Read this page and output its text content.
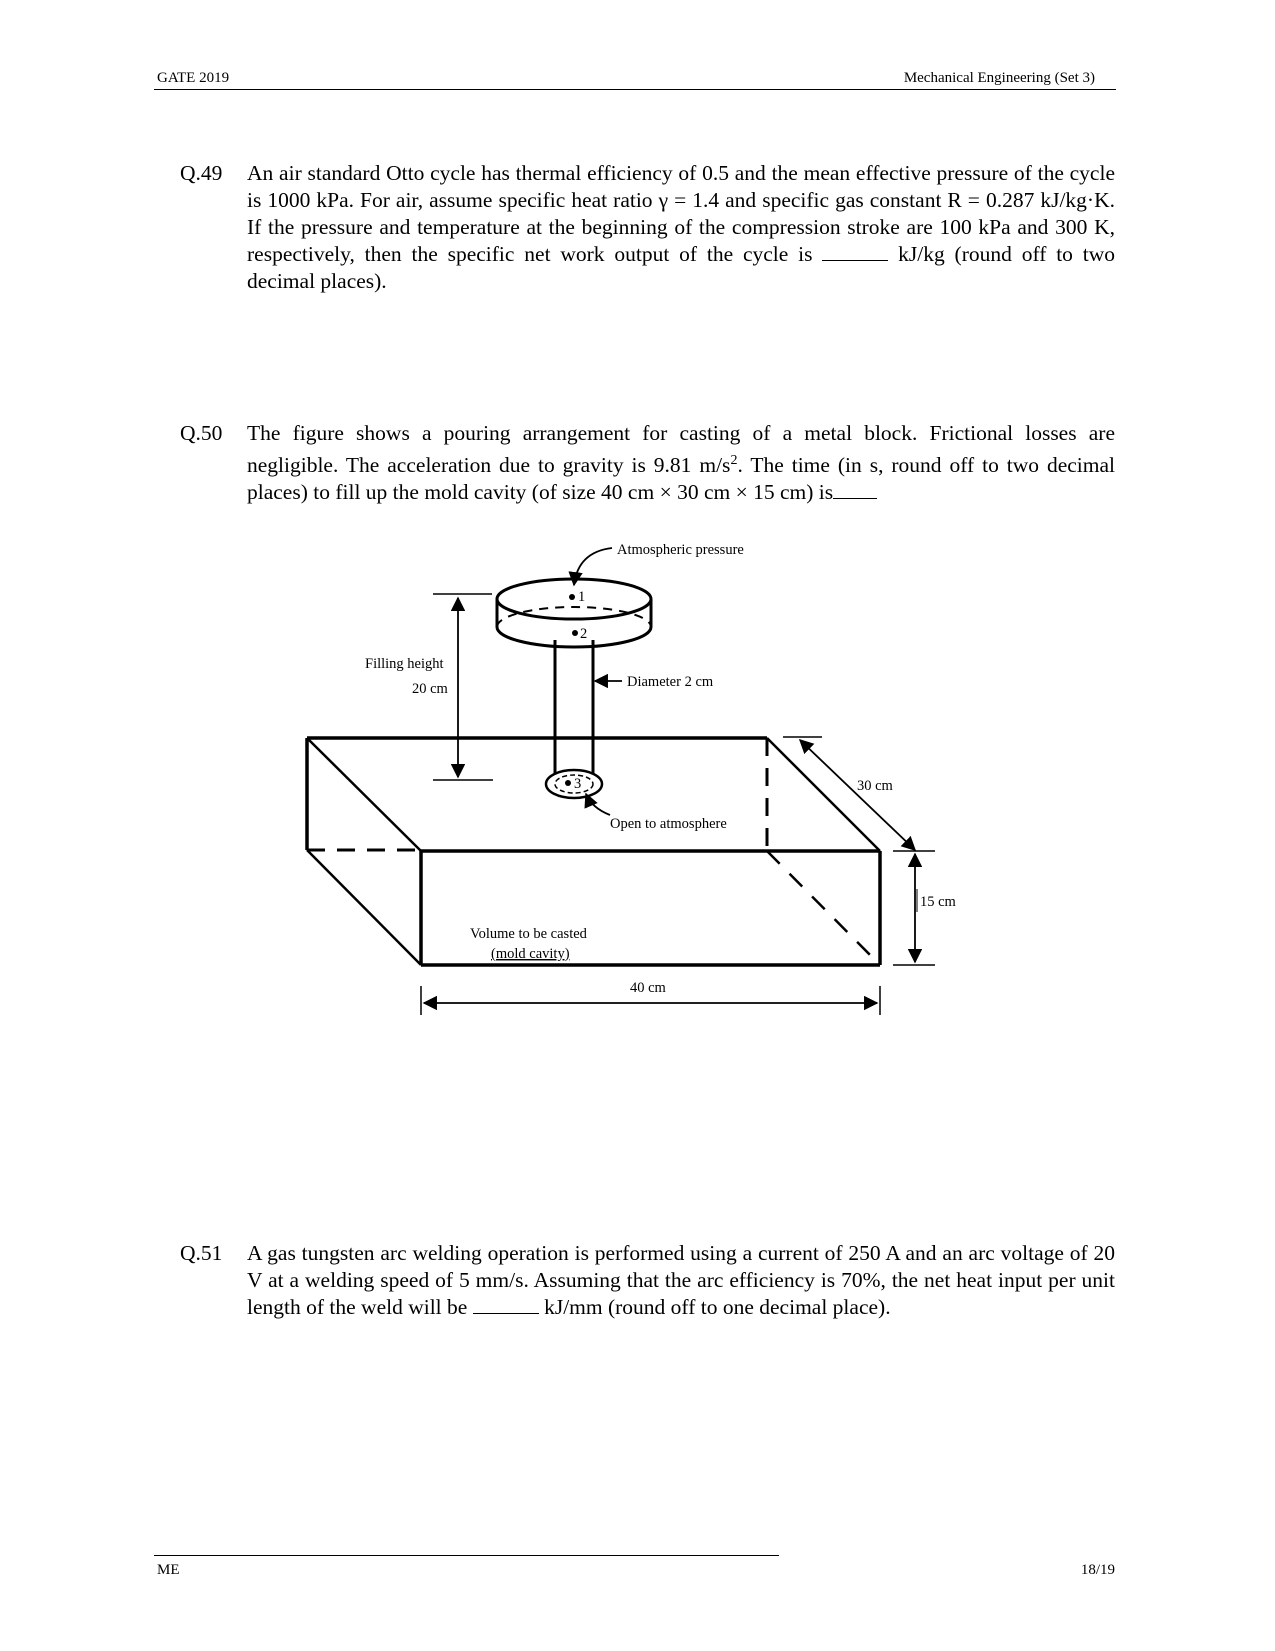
GATE 2019	Mechanical Engineering (Set 3)
Q.49 An air standard Otto cycle has thermal efficiency of 0.5 and the mean effective pressure of the cycle is 1000 kPa. For air, assume specific heat ratio γ = 1.4 and specific gas constant R = 0.287 kJ/kg·K. If the pressure and temperature at the beginning of the compression stroke are 100 kPa and 300 K, respectively, then the specific net work output of the cycle is	kJ/kg (round off to two decimal places).
Q.50 The figure shows a pouring arrangement for casting of a metal block. Frictional losses are negligible. The acceleration due to gravity is 9.81 $m/s^2$. The time (in s, round off to two decimal places) to fill up the mold cavity (of size 40 cm × 30 cm × 15 cm) is
1
2
3
Atmospheric pressure
Filling height
20 cm	Diameter 2 cm
Open to atmosphere
30 cm
15 cm
40 cm
Volume to be casted
(mold cavity)
Q.51 A gas tungsten arc welding operation is performed using a current of 250 A and an arc voltage of 20 V at a welding speed of 5 mm/s. Assuming that the arc efficiency is 70%, the net heat input per unit length of the weld will be	kJ/mm (round off to one decimal place).
ME	18/19
